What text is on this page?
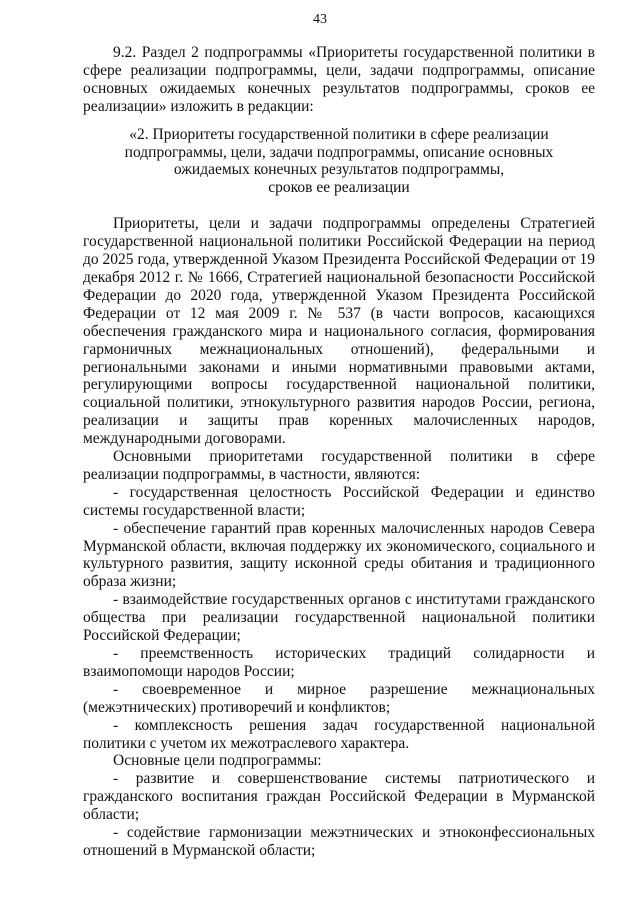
43

9.2. Раздел 2 подпрограммы «Приоритеты государственной политики в сфере реализации подпрограммы, цели, задачи подпрограммы, описание основных ожидаемых конечных результатов подпрограммы, сроков ее реализации» изложить в редакции:

«2. Приоритеты государственной политики в сфере реализации
подпрограммы, цели, задачи подпрограммы, описание основных
ожидаемых конечных результатов подпрограммы,
сроков ее реализации

Приоритеты, цели и задачи подпрограммы определены Стратегией государственной национальной политики Российской Федерации на период до 2025 года, утвержденной Указом Президента Российской Федерации от 19 декабря 2012 г. № 1666, Стратегией национальной безопасности Российской Федерации до 2020 года, утвержденной Указом Президента Российской Федерации от 12 мая 2009 г. № 537 (в части вопросов, касающихся обеспечения гражданского мира и национального согласия, формирования гармоничных межнациональных отношений), федеральными и региональными законами и иными нормативными правовыми актами, регулирующими вопросы государственной национальной политики, социальной политики, этнокультурного развития народов России, региона, реализации и защиты прав коренных малочисленных народов, международными договорами.

Основными приоритетами государственной политики в сфере реализации подпрограммы, в частности, являются:

- государственная целостность Российской Федерации и единство системы государственной власти;

- обеспечение гарантий прав коренных малочисленных народов Севера Мурманской области, включая поддержку их экономического, социального и культурного развития, защиту исконной среды обитания и традиционного образа жизни;

- взаимодействие государственных органов с институтами гражданского общества при реализации государственной национальной политики Российской Федерации;

- преемственность исторических традиций солидарности и взаимопомощи народов России;

- своевременное и мирное разрешение межнациональных (межэтнических) противоречий и конфликтов;

- комплексность решения задач государственной национальной политики с учетом их межотраслевого характера.

Основные цели подпрограммы:

- развитие и совершенствование системы патриотического и гражданского воспитания граждан Российской Федерации в Мурманской области;

- содействие гармонизации межэтнических и этноконфессиональных отношений в Мурманской области;
